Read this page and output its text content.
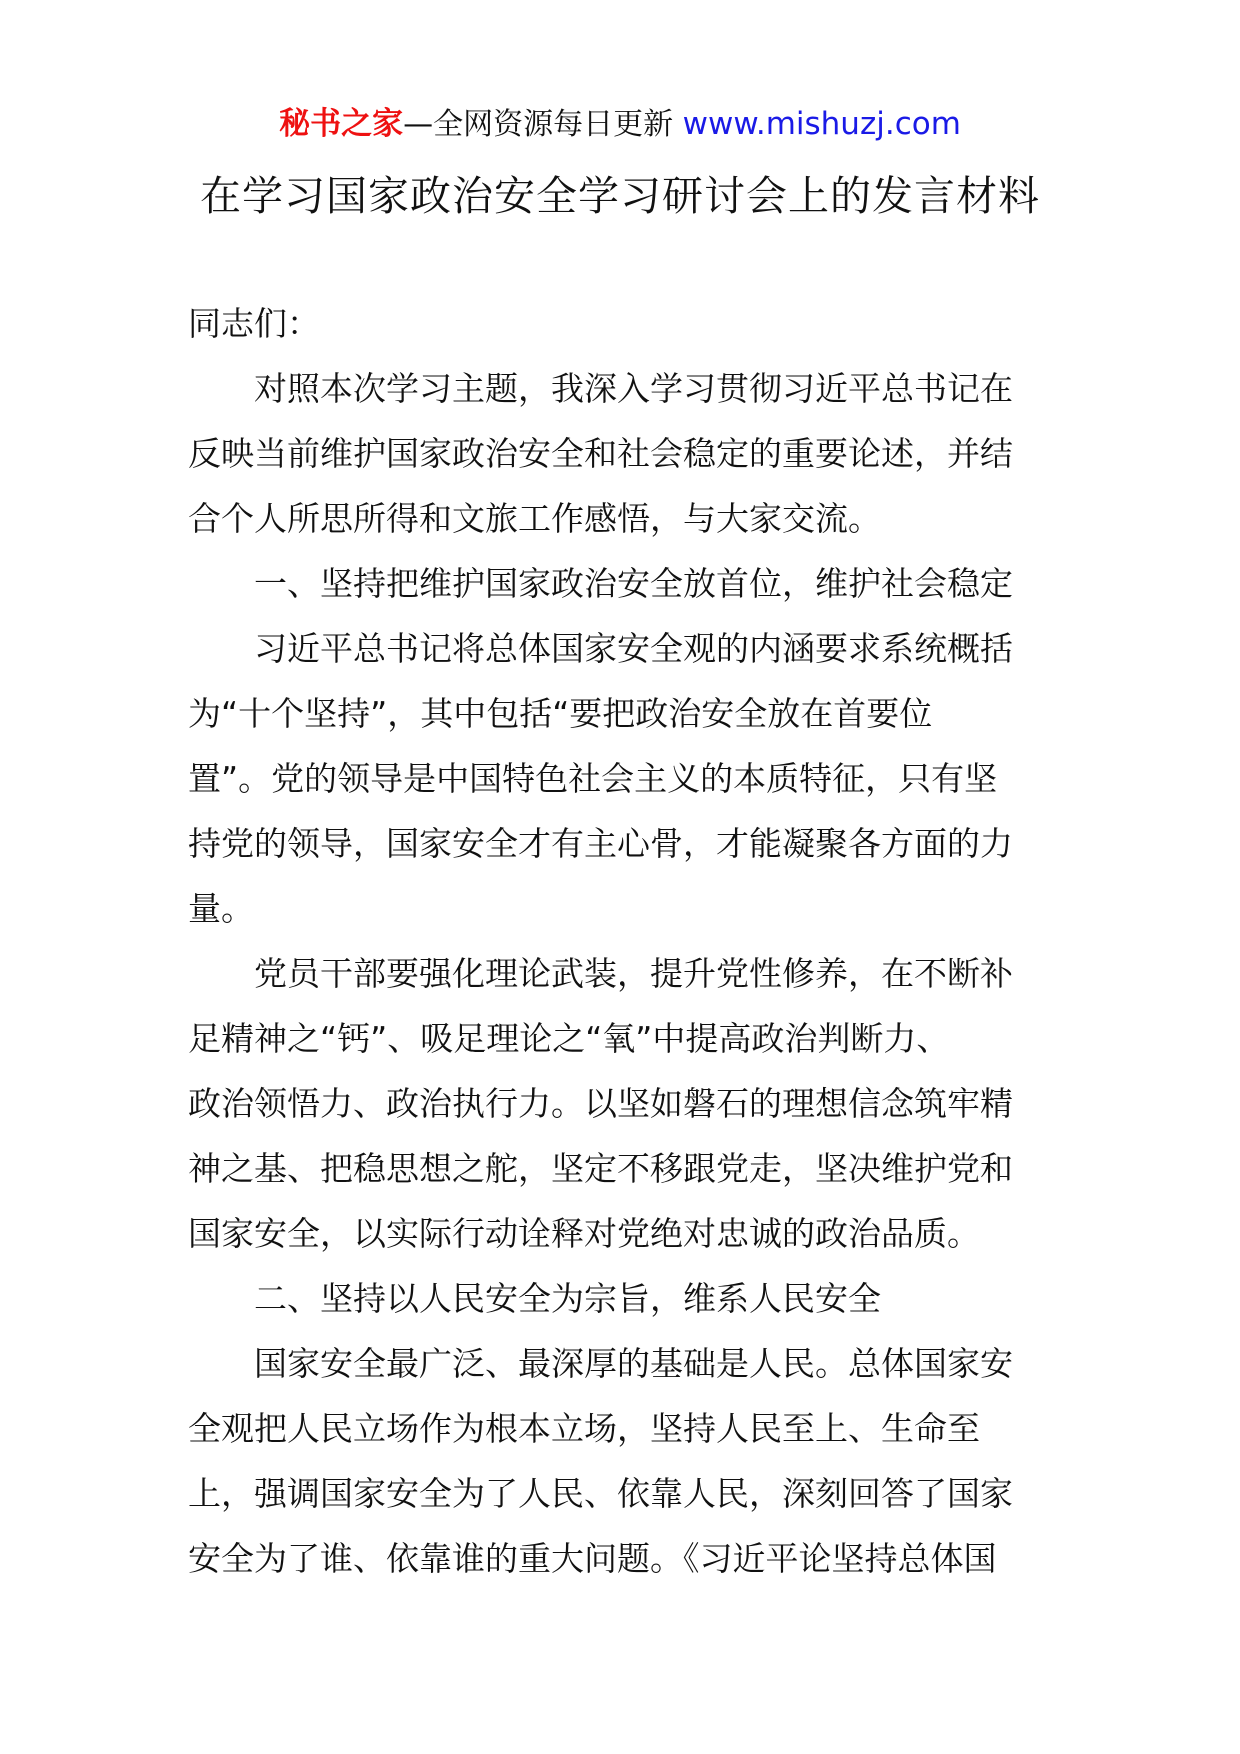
秘书之家—全网资源每日更新 www.mishuzj.com
在学习国家政治安全学习研讨会上的发言材料
同志们：
对照本次学习主题，我深入学习贯彻习近平总书记在
反映当前维护国家政治安全和社会稳定的重要论述，并结
合个人所思所得和文旅工作感悟，与大家交流。
一、坚持把维护国家政治安全放首位，维护社会稳定
习近平总书记将总体国家安全观的内涵要求系统概括
为“十个坚持”，其中包括“要把政治安全放在首要位
置”。党的领导是中国特色社会主义的本质特征，只有坚
持党的领导，国家安全才有主心骨，才能凝聚各方面的力
量。
党员干部要强化理论武装，提升党性修养，在不断补
足精神之“钙”、吸足理论之“氧”中提高政治判断力、
政治领悟力、政治执行力。以坚如磐石的理想信念筑牢精
神之基、把稳思想之舵，坚定不移跟党走，坚决维护党和
国家安全，以实际行动诠释对党绝对忠诚的政治品质。
二、坚持以人民安全为宗旨，维系人民安全
国家安全最广泛、最深厚的基础是人民。总体国家安
全观把人民立场作为根本立场，坚持人民至上、生命至
上，强调国家安全为了人民、依靠人民，深刻回答了国家
安全为了谁、依靠谁的重大问题。《习近平论坚持总体国
